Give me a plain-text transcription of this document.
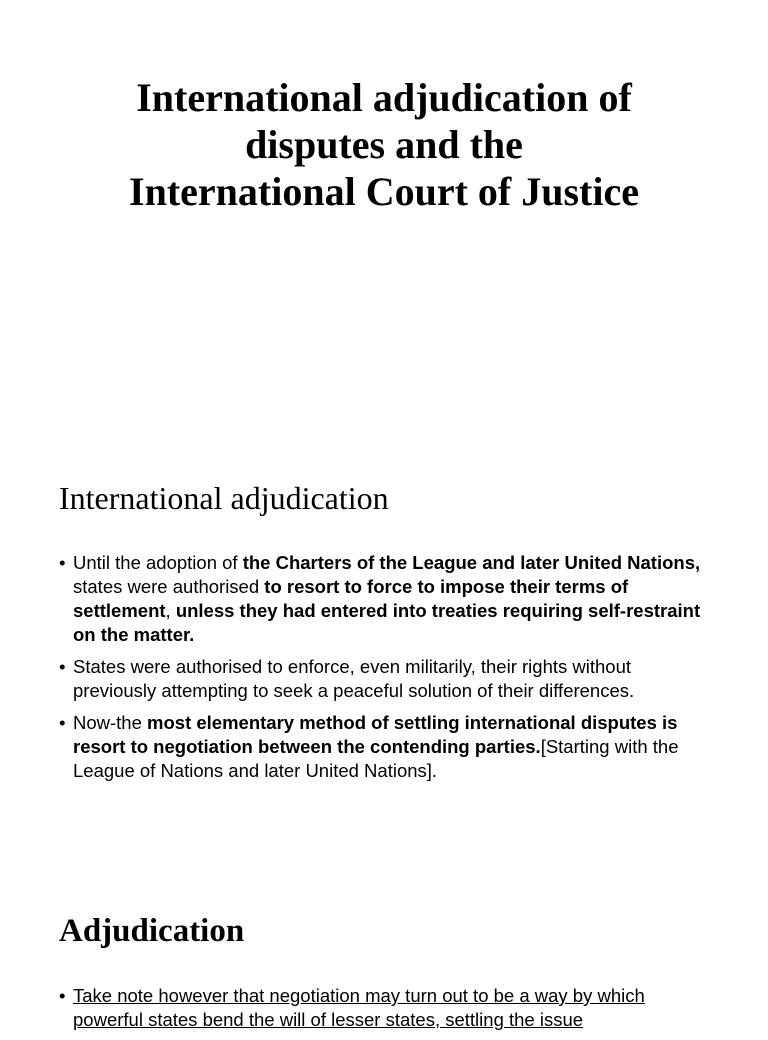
International adjudication of
disputes and the
International Court of Justice
International adjudication
• Until the adoption of the Charters of the League and later United Nations, states were authorised to resort to force to impose their terms of settlement, unless they had entered into treaties requiring self-restraint on the matter.
• States were authorised to enforce, even militarily, their rights without previously attempting to seek a peaceful solution of their differences.
• Now-the most elementary method of settling international disputes is resort to negotiation between the contending parties.[Starting with the League of Nations and later United Nations].
Adjudication
• Take note however that negotiation may turn out to be a way by which powerful states bend the will of lesser states, settling the issue
